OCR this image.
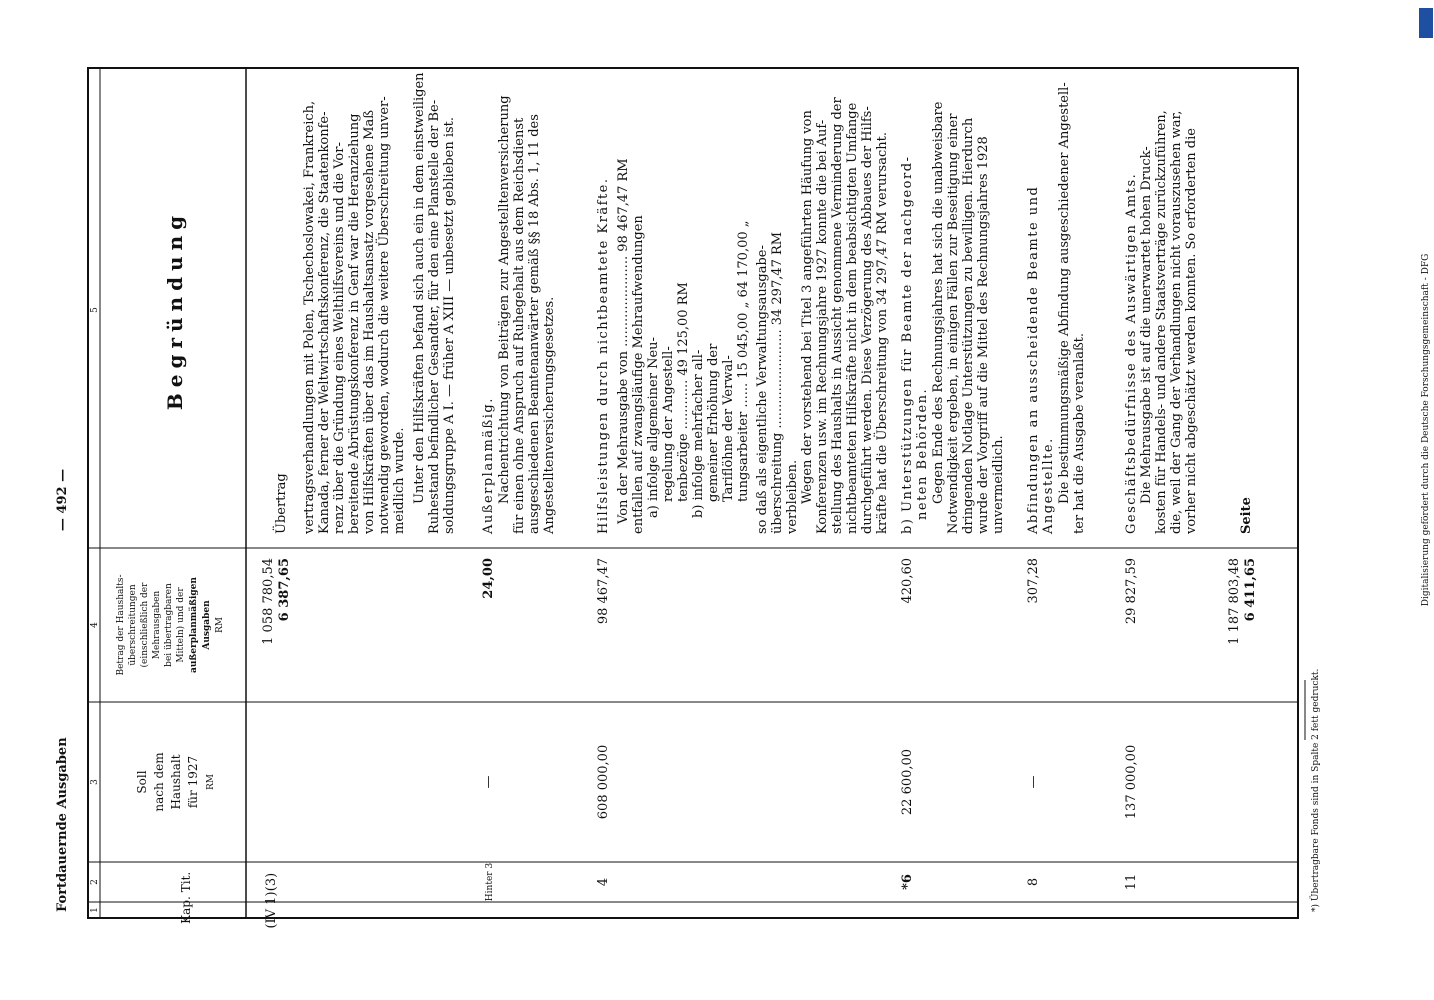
Digitalisierung gefördert durch die Deutsche Forschungsgemeinschaft - DFG
Fortdauernde Ausgaben
— 492 —
1
2
3
4
5
Kap.
Tit.
Soll nach dem Haushalt für 1927 RM
Betrag der Haushalts- überschreitungen (einschließlich der Mehrausgaben bei übertragbaren Mitteln) und der außerplanmäßigen Ausgaben RM
Begründung
(IV 1)
(3)
1 058 780,54 6 387,65
Übertrag vertragsverhandlungen mit Polen, Tschechoslowakei, Frankreich, Kanada, ferner der Weltwirtschaftskonferenz, die Staatenkonfe- renz über die Gründung eines Welthilfsvereins und die Vor- bereitende Abrüstungskonferenz in Genf war die Heranziehung von Hilfskräften über das im Haushaltsansatz vorgesehene Maß notwendig geworden, wodurch die weitere Überschreitung unver- meidlich wurde. Unter den Hilfskräften befand sich auch ein in dem einstweiligen Ruhestand befindlicher Gesandter, für den eine Planstelle der Be- soldungsgruppe A I. — früher A XIII — unbesetzt geblieben ist.
Hinter 3
—
24,00
Außerplanmäßig. Nachentrichtung von Beiträgen zur Angestelltenversicherung für einen ohne Anspruch auf Ruhegehalt aus dem Reichsdienst ausgeschiedenen Beamtenanwärter gemäß §§ 18 Abs. 1, 11 des Angestelltenversicherungsgesetzes.
4
608 000,00
98 467,47
Hilfsleistungen durch nichtbeamtete Kräfte. Von der Mehrausgabe von ...................... 98 467,47 RM entfallen auf zwangsläufige Mehraufwendungen a) infolge allgemeiner Neu- regelung der Angestell- tenbezüge ............ 49 125,00 RM b) infolge mehrfacher all- gemeiner Erhöhung der Tariflöhne der Verwal- tungsarbeiter ...... 15 045,00 „ 64 170,00 „ so daß als eigentliche Verwaltungsausgabe- überschreitung ........................ 34 297,47 RM verbleiben. Wegen der vorstehend bei Titel 3 angeführten Häufung von Konferenzen usw. im Rechnungsjahre 1927 konnte die bei Auf- stellung des Haushalts in Aussicht genommene Verminderung der nichtbeamteten Hilfskräfte nicht in dem beabsichtigten Umfange durchgeführt werden. Diese Verzögerung des Abbaues der Hilfs- kräfte hat die Überschreitung von 34 297,47 RM verursacht.
*6
22 600,00
420,60
b) Unterstützungen für Beamte der nachgeord- neten Behörden. Gegen Ende des Rechnungsjahres hat sich die unabweisbare Notwendigkeit ergeben, in einigen Fällen zur Beseitigung einer dringenden Notlage Unterstützungen zu bewilligen. Hierdurch wurde der Vorgriff auf die Mittel des Rechnungsjahres 1928 unvermeidlich.
8
—
307,28
Abfindungen an ausscheidende Beamte und Angestellte. Die bestimmungsmäßige Abfindung ausgeschiedener Angestell- ter hat die Ausgabe veranlaßt.
11
137 000,00
29 827,59
Geschäftsbedürfnisse des Auswärtigen Amts. Die Mehrausgabe ist auf die unerwartet hohen Druck- kosten für Handels- und andere Staatsverträge zurückzuführen, die, weil der Gang der Verhandlungen nicht vorauszusehen war, vorher nicht abgeschätzt werden konnten. So erforderten die
1 187 803,48 6 411,65
Seite
*) Übertragbare Fonds sind in Spalte 2 fett gedruckt.
